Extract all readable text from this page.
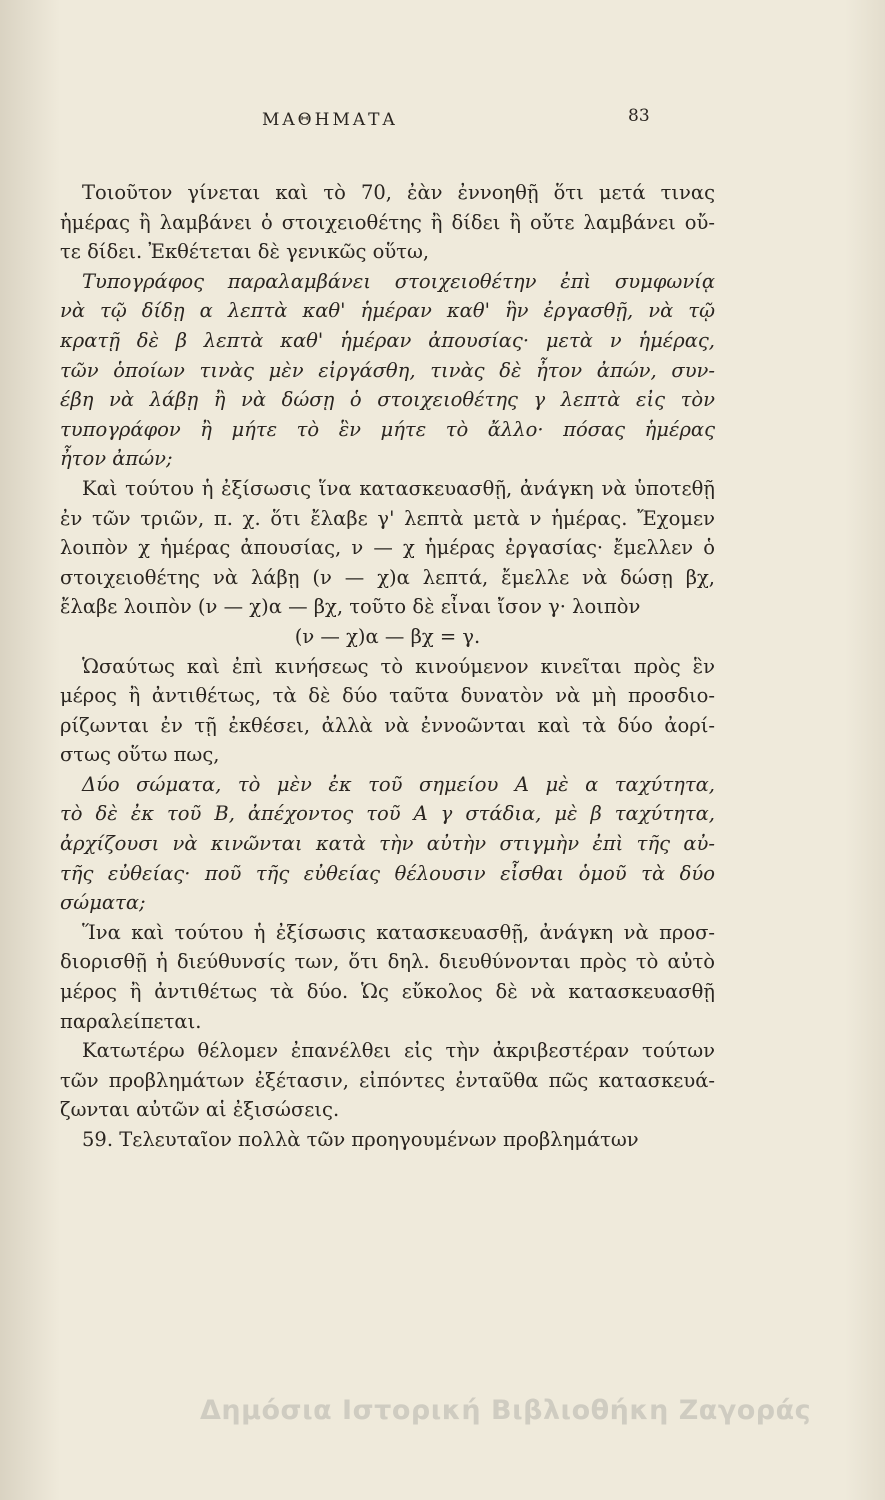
ΜΑΘΗΜΑΤΑ	83
Τοιοῦτον γίνεται καὶ τὸ 70, ἐὰν ἐννοηθῇ ὅτι μετά τινας
ἡμέρας ἢ λαμβάνει ὁ στοιχειοθέτης ἢ δίδει ἢ οὔτε λαμβάνει οὔ-
τε δίδει. Ἐκθέτεται δὲ γενικῶς οὕτω,
Τυπογράφος παραλαμβάνει στοιχειοθέτην ἐπὶ συμφωνίᾳ
νὰ τῷ δίδῃ α λεπτὰ καθ' ἡμέραν καθ' ἣν ἐργασθῇ, νὰ τῷ
κρατῇ δὲ β λεπτὰ καθ' ἡμέραν ἀπουσίας· μετὰ ν ἡμέρας,
τῶν ὁποίων τινὰς μὲν εἰργάσθη, τινὰς δὲ ἦτον ἀπών, συν-
έβη νὰ λάβῃ ἢ νὰ δώσῃ ὁ στοιχειοθέτης γ λεπτὰ εἰς τὸν
τυπογράφον ἢ μήτε τὸ ἓν μήτε τὸ ἄλλο· πόσας ἡμέρας
ἦτον ἀπών;
Καὶ τούτου ἡ ἐξίσωσις ἵνα κατασκευασθῇ, ἀνάγκη νὰ ὑποτεθῇ
ἐν τῶν τριῶν, π. χ. ὅτι ἔλαβε γ' λεπτὰ μετὰ ν ἡμέρας. Ἔχομεν
λοιπὸν χ ἡμέρας ἀπουσίας, ν — χ ἡμέρας ἐργασίας· ἔμελλεν ὁ
στοιχειοθέτης νὰ λάβῃ (ν — χ)α λεπτά, ἔμελλε νὰ δώσῃ βχ,
ἔλαβε λοιπὸν (ν — χ)α — βχ, τοῦτο δὲ εἶναι ἴσον γ· λοιπὸν
(ν — χ)α — βχ = γ.
Ὡσαύτως καὶ ἐπὶ κινήσεως τὸ κινούμενον κινεῖται πρὸς ἓν
μέρος ἢ ἀντιθέτως, τὰ δὲ δύο ταῦτα δυνατὸν νὰ μὴ προσδιο-
ρίζωνται ἐν τῇ ἐκθέσει, ἀλλὰ νὰ ἐννοῶνται καὶ τὰ δύο ἀορί-
στως οὕτω πως,
Δύο σώματα, τὸ μὲν ἐκ τοῦ σημείου Α μὲ α ταχύτητα,
τὸ δὲ ἐκ τοῦ Β, ἀπέχοντος τοῦ Α γ στάδια, μὲ β ταχύτητα,
ἀρχίζουσι νὰ κινῶνται κατὰ τὴν αὐτὴν στιγμὴν ἐπὶ τῆς αὐ-
τῆς εὐθείας· ποῦ τῆς εὐθείας θέλουσιν εἶσθαι ὁμοῦ τὰ δύο
σώματα;
Ἵνα καὶ τούτου ἡ ἐξίσωσις κατασκευασθῇ, ἀνάγκη νὰ προσ-
διορισθῇ ἡ διεύθυνσίς των, ὅτι δηλ. διευθύνονται πρὸς τὸ αὐτὸ
μέρος ἢ ἀντιθέτως τὰ δύο. Ὡς εὔκολος δὲ νὰ κατασκευασθῇ
παραλείπεται.
Κατωτέρω θέλομεν ἐπανέλθει εἰς τὴν ἀκριβεστέραν τούτων
τῶν προβλημάτων ἐξέτασιν, εἰπόντες ἐνταῦθα πῶς κατασκευά-
ζωνται αὐτῶν αἱ ἐξισώσεις.
59. Τελευταῖον πολλὰ τῶν προηγουμένων προβλημάτων
Δημόσια Ιστορική Βιβλιοθήκη Ζαγοράς
